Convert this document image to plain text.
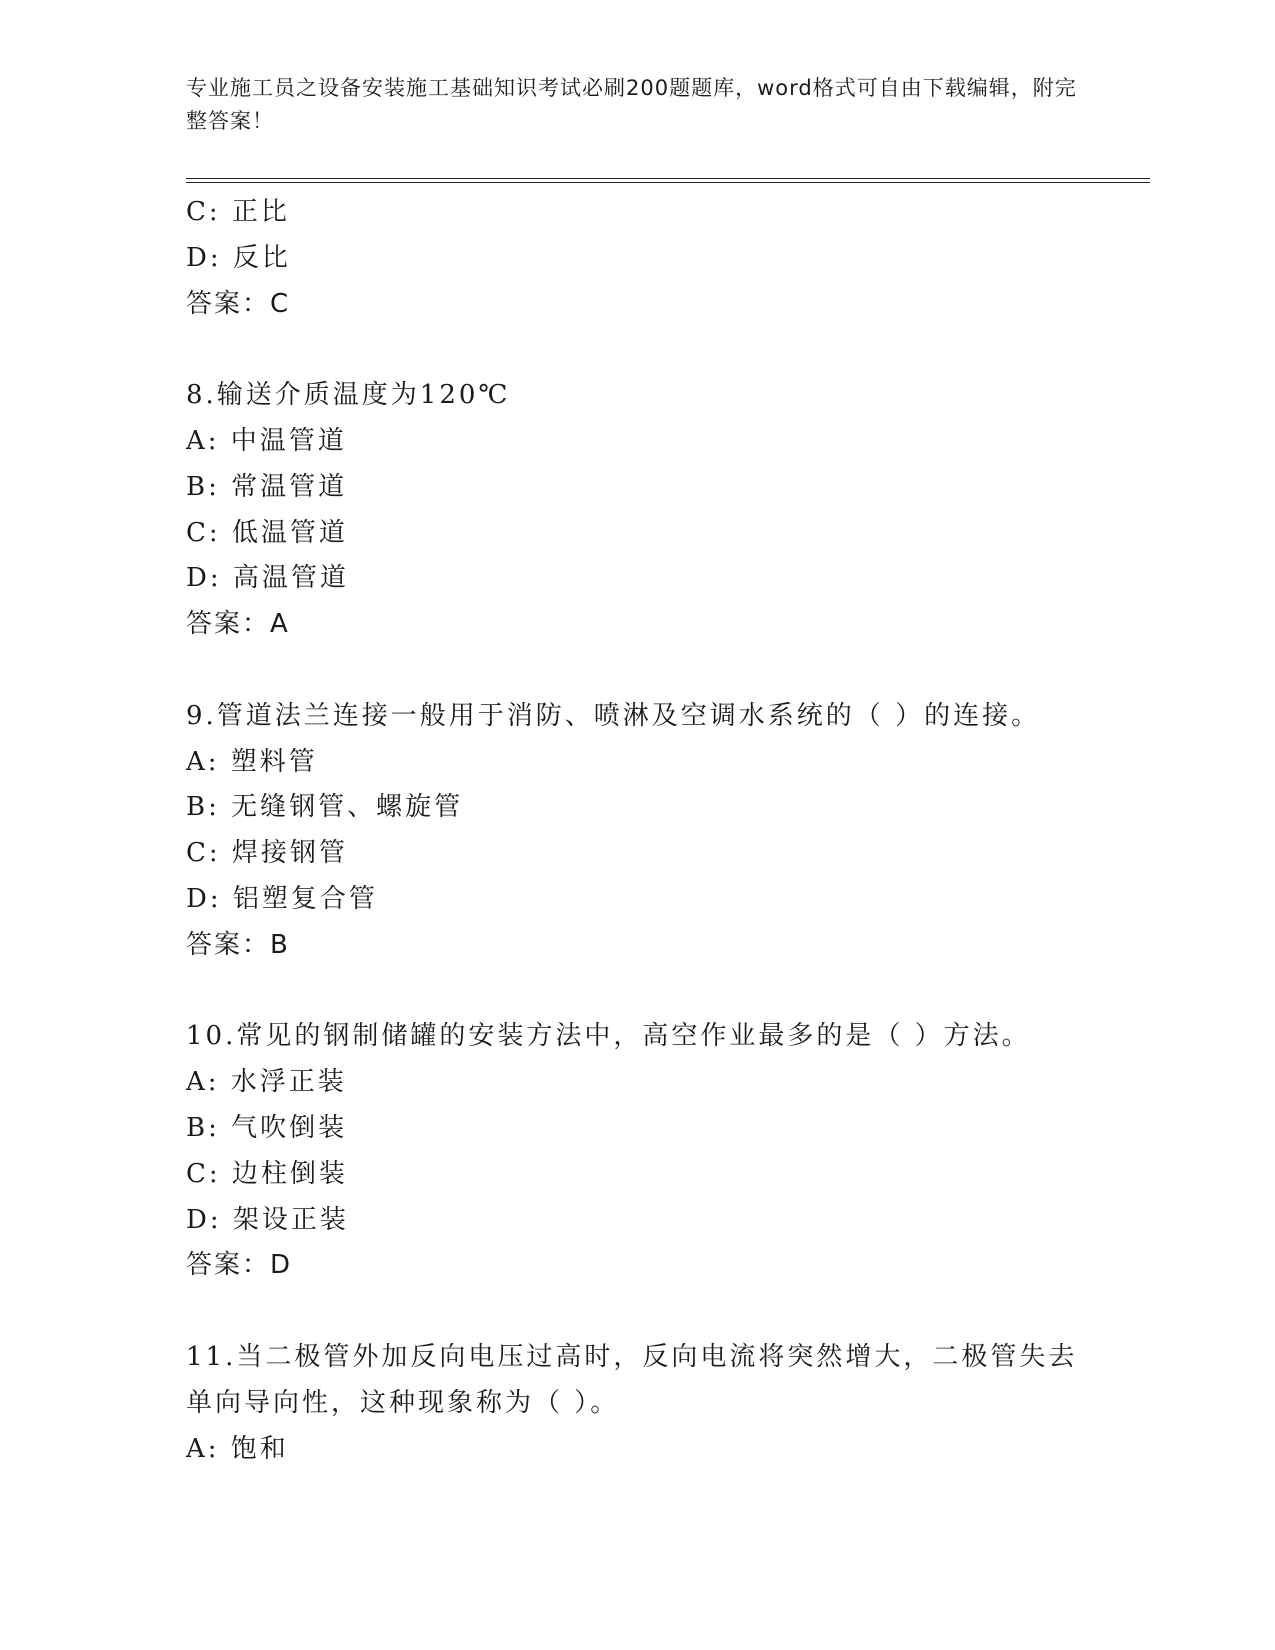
专业施工员之设备安装施工基础知识考试必刷200题题库，word格式可自由下载编辑，附完整答案！
C: 正比
D: 反比
答案：C
8.输送介质温度为120℃
A: 中温管道
B: 常温管道
C: 低温管道
D: 高温管道
答案：A
9.管道法兰连接一般用于消防、喷淋及空调水系统的（ ）的连接。
A: 塑料管
B: 无缝钢管、螺旋管
C: 焊接钢管
D: 铝塑复合管
答案：B
10.常见的钢制储罐的安装方法中，高空作业最多的是（ ）方法。
A: 水浮正装
B: 气吹倒装
C: 边柱倒装
D: 架设正装
答案：D
11.当二极管外加反向电压过高时，反向电流将突然增大，二极管失去
单向导向性，这种现象称为（ ）。
A: 饱和
